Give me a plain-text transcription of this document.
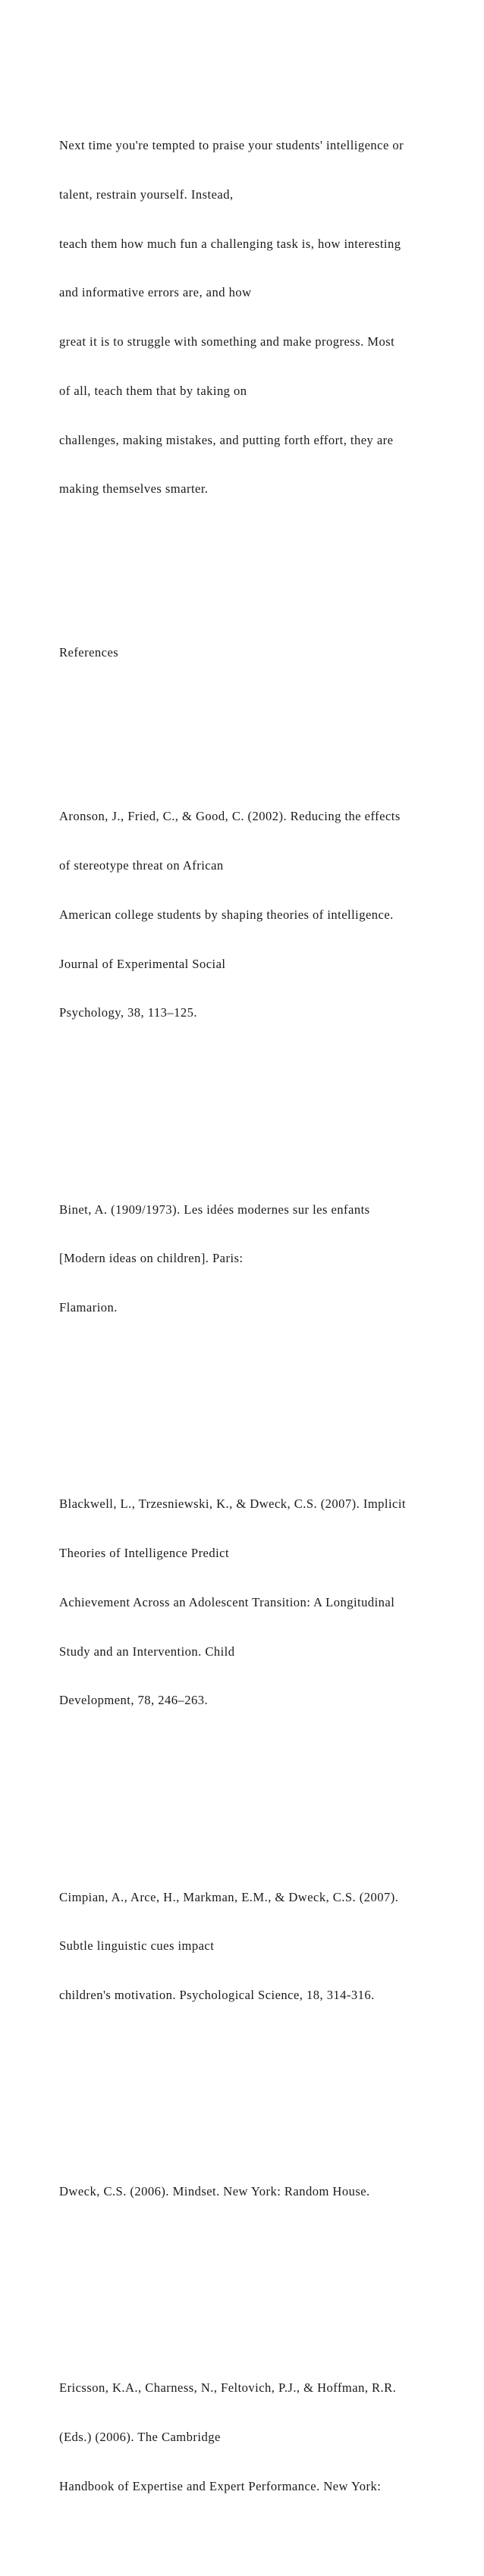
Next time you're tempted to praise your students' intelligence or

talent, restrain yourself. Instead,

teach them how much fun a challenging task is, how interesting

and informative errors are, and how

great it is to struggle with something and make progress. Most

of all, teach them that by taking on

challenges, making mistakes, and putting forth effort, they are

making themselves smarter.

References

Aronson, J., Fried, C., & Good, C. (2002). Reducing the effects

of stereotype threat on African

American college students by shaping theories of intelligence.

Journal of Experimental Social

Psychology, 38, 113–125.

Binet, A. (1909/1973). Les idées modernes sur les enfants

[Modern ideas on children]. Paris:

Flamarion.

Blackwell, L., Trzesniewski, K., & Dweck, C.S. (2007). Implicit

Theories of Intelligence Predict

Achievement Across an Adolescent Transition: A Longitudinal

Study and an Intervention. Child

Development, 78, 246–263.

Cimpian, A., Arce, H., Markman, E.M., & Dweck, C.S. (2007).

Subtle linguistic cues impact

children's motivation. Psychological Science, 18, 314-316.

Dweck, C.S. (2006). Mindset. New York: Random House.

Ericsson, K.A., Charness, N., Feltovich, P.J., & Hoffman, R.R.

(Eds.) (2006). The Cambridge

Handbook of Expertise and Expert Performance. New York:
